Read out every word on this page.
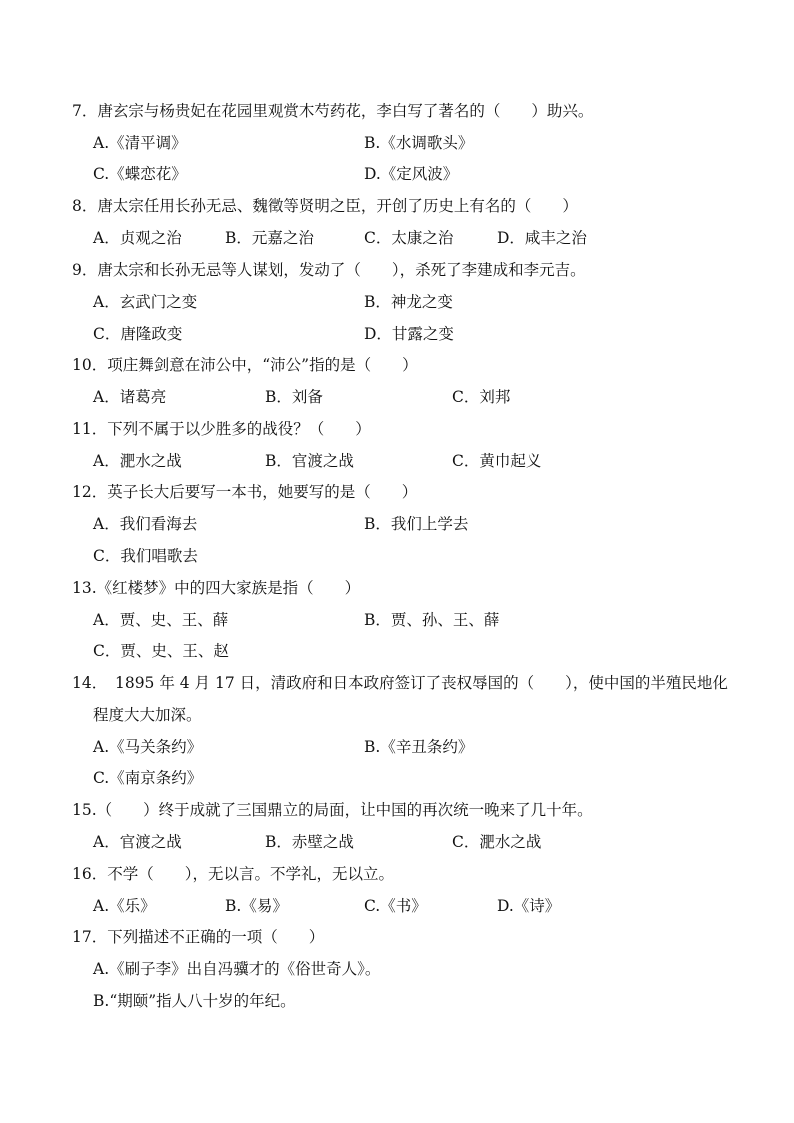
7．唐玄宗与杨贵妃在花园里观赏木芍药花，李白写了著名的（　　）助兴。
A.《清平调》	B.《水调歌头》
C.《蝶恋花》	D.《定风波》
8．唐太宗任用长孙无忌、魏徵等贤明之臣，开创了历史上有名的（　　）
A．贞观之治	B．元嘉之治	C．太康之治	D．咸丰之治
9．唐太宗和长孙无忌等人谋划，发动了（　　），杀死了李建成和李元吉。
A．玄武门之变	B．神龙之变
C．唐隆政变	D．甘露之变
10．项庄舞剑意在沛公中，“沛公”指的是（　　）
A．诸葛亮	B．刘备	C．刘邦
11．下列不属于以少胜多的战役？（　　）
A．淝水之战	B．官渡之战	C．黄巾起义
12．英子长大后要写一本书，她要写的是（　　）
A．我们看海去	B．我们上学去
C．我们唱歌去
13.《红楼梦》中的四大家族是指（　　）
A．贾、史、王、薛	B．贾、孙、王、薛
C．贾、史、王、赵
14．　1895 年 4 月 17 日，清政府和日本政府签订了丧权辱国的（　　），使中国的半殖民地化
程度大大加深。
A.《马关条约》	B.《辛丑条约》
C.《南京条约》
15.（　　）终于成就了三国鼎立的局面，让中国的再次统一晚来了几十年。
A．官渡之战	B．赤壁之战	C．淝水之战
16．不学（　　），无以言。不学礼，无以立。
A.《乐》	B.《易》	C.《书》	D.《诗》
17．下列描述不正确的一项（　　）
A.《刷子李》出自冯骥才的《俗世奇人》。
B.“期颐”指人八十岁的年纪。
